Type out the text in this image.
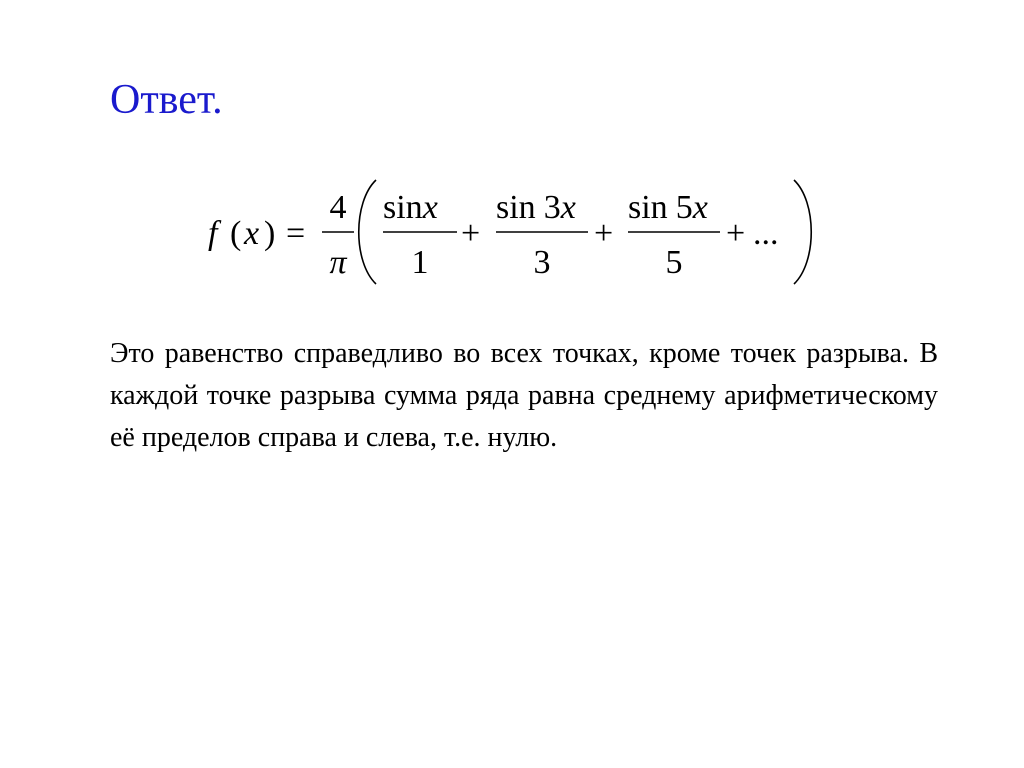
Ответ.
f ( x ) =
4
π
sinx
1
+
sin 3x
3
+
sin 5x
5
+ ...

Это равенство справедливо во всех точках, кроме точек разрыва. В каждой точке разрыва сумма ряда равна среднему арифметическому её пределов справа и слева, т.е. нулю.
